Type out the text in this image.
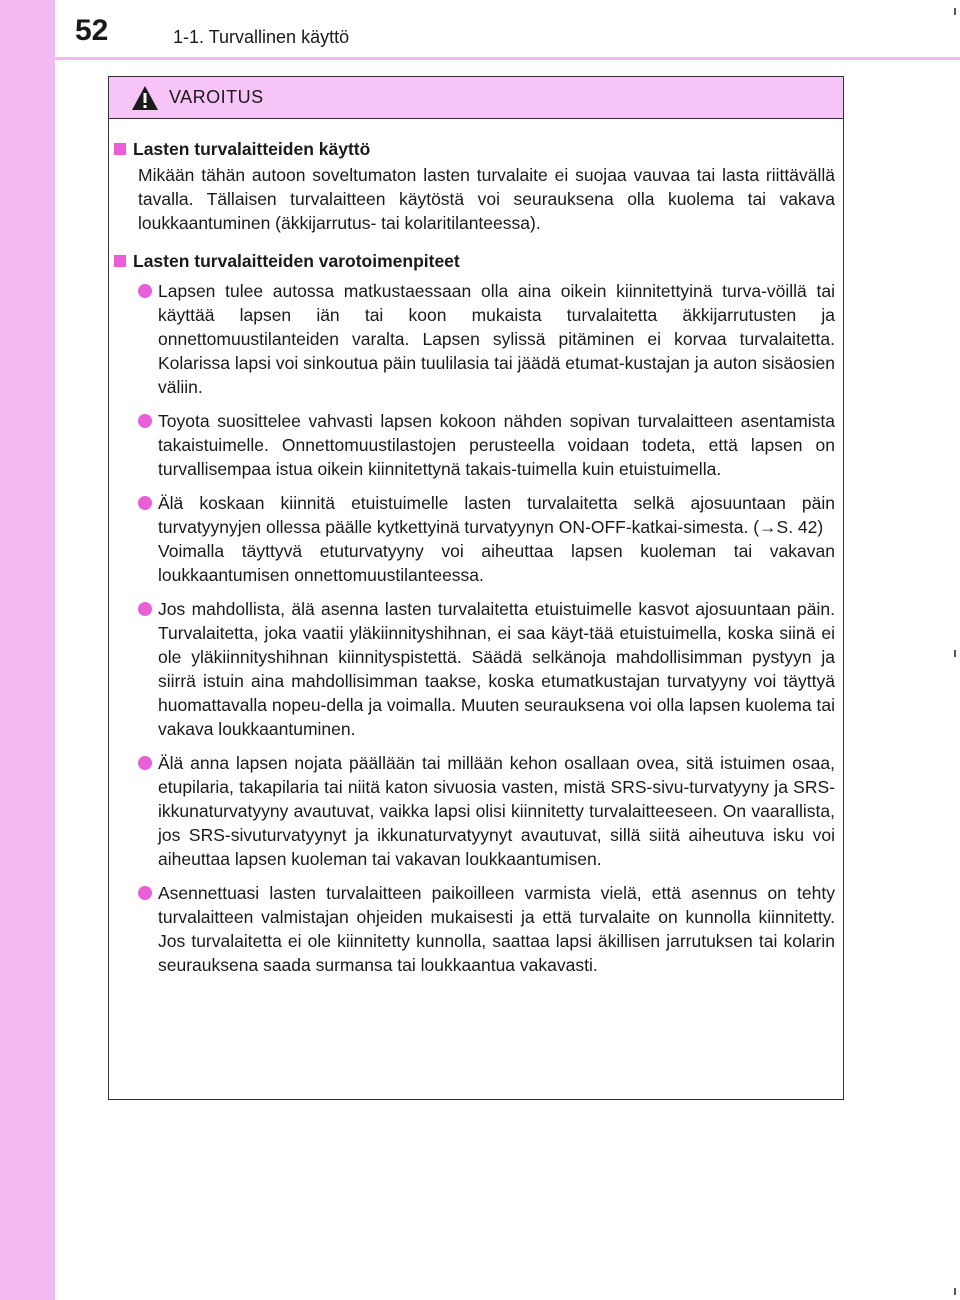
52	1-1. Turvallinen käyttö
VAROITUS
Lasten turvalaitteiden käyttö

Mikään tähän autoon soveltumaton lasten turvalaite ei suojaa vauvaa tai lasta riittävällä tavalla. Tällaisen turvalaitteen käytöstä voi seurauksena olla kuolema tai vakava loukkaantuminen (äkkijarrutus- tai kolaritilanteessa).

Lasten turvalaitteiden varotoimenpiteet

Lapsen tulee autossa matkustaessaan olla aina oikein kiinnitettyinä turva-vöillä tai käyttää lapsen iän tai koon mukaista turvalaitetta äkkijarrutusten ja onnettomuustilanteiden varalta. Lapsen sylissä pitäminen ei korvaa turvalaitetta. Kolarissa lapsi voi sinkoutua päin tuulilasia tai jäädä etumat-kustajan ja auton sisäosien väliin.

Toyota suosittelee vahvasti lapsen kokoon nähden sopivan turvalaitteen asentamista takaistuimelle. Onnettomuustilastojen perusteella voidaan todeta, että lapsen on turvallisempaa istua oikein kiinnitettynä takais-tuimella kuin etuistuimella.

Älä koskaan kiinnitä etuistuimelle lasten turvalaitetta selkä ajosuuntaan päin turvatyynyjen ollessa päälle kytkettyinä turvatyynyn ON-OFF-katkai-simesta. (→S. 42)

Voimalla täyttyvä etuturvatyyny voi aiheuttaa lapsen kuoleman tai vakavan loukkaantumisen onnettomuustilanteessa.

Jos mahdollista, älä asenna lasten turvalaitetta etuistuimelle kasvot ajosuuntaan päin. Turvalaitetta, joka vaatii yläkiinnityshihnan, ei saa käyt-tää etuistuimella, koska siinä ei ole yläkiinnityshihnan kiinnityspistettä. Säädä selkänoja mahdollisimman pystyyn ja siirrä istuin aina mahdollisimman taakse, koska etumatkustajan turvatyyny voi täyttyä huomattavalla nopeu-della ja voimalla. Muuten seurauksena voi olla lapsen kuolema tai vakava loukkaantuminen.

Älä anna lapsen nojata päällään tai millään kehon osallaan ovea, sitä istuimen osaa, etupilaria, takapilaria tai niitä katon sivuosia vasten, mistä SRS-sivu-turvatyyny ja SRS-ikkunaturvatyyny avautuvat, vaikka lapsi olisi kiinnitetty turvalaitteeseen. On vaarallista, jos SRS-sivuturvatyynyt ja ikkunaturvatyynyt avautuvat, sillä siitä aiheutuva isku voi aiheuttaa lapsen kuoleman tai vakavan loukkaantumisen.

Asennettuasi lasten turvalaitteen paikoilleen varmista vielä, että asennus on tehty turvalaitteen valmistajan ohjeiden mukaisesti ja että turvalaite on kunnolla kiinnitetty. Jos turvalaitetta ei ole kiinnitetty kunnolla, saattaa lapsi äkillisen jarrutuksen tai kolarin seurauksena saada surmansa tai loukkaantua vakavasti.
